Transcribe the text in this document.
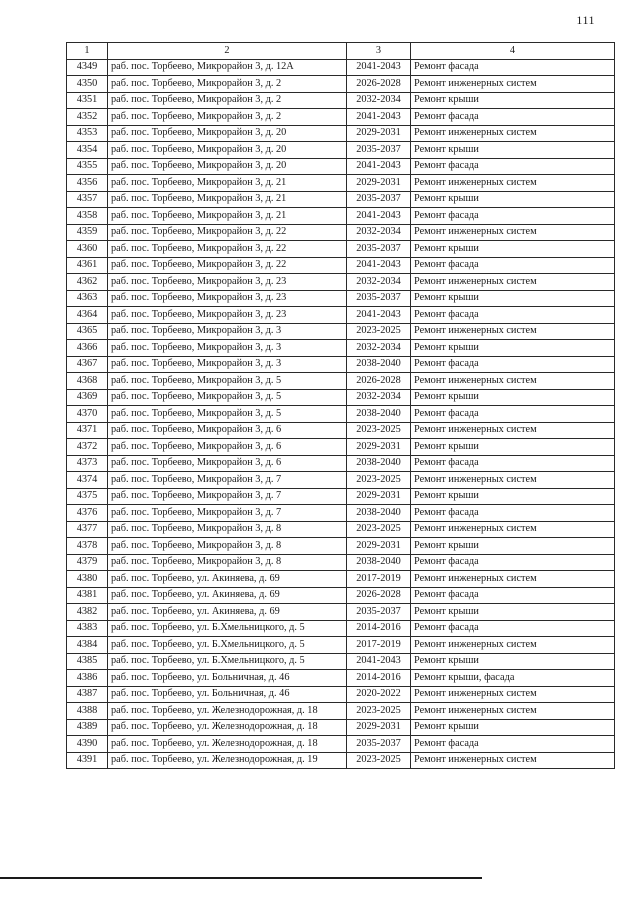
111
1	2	3	4
4349	раб. пос. Торбеево, Микрорайон 3, д. 12А	2041-2043	Ремонт фасада
4350	раб. пос. Торбеево, Микрорайон 3, д. 2	2026-2028	Ремонт инженерных систем
4351	раб. пос. Торбеево, Микрорайон 3, д. 2	2032-2034	Ремонт крыши
4352	раб. пос. Торбеево, Микрорайон 3, д. 2	2041-2043	Ремонт фасада
4353	раб. пос. Торбеево, Микрорайон 3, д. 20	2029-2031	Ремонт инженерных систем
4354	раб. пос. Торбеево, Микрорайон 3, д. 20	2035-2037	Ремонт крыши
4355	раб. пос. Торбеево, Микрорайон 3, д. 20	2041-2043	Ремонт фасада
4356	раб. пос. Торбеево, Микрорайон 3, д. 21	2029-2031	Ремонт инженерных систем
4357	раб. пос. Торбеево, Микрорайон 3, д. 21	2035-2037	Ремонт крыши
4358	раб. пос. Торбеево, Микрорайон 3, д. 21	2041-2043	Ремонт фасада
4359	раб. пос. Торбеево, Микрорайон 3, д. 22	2032-2034	Ремонт инженерных систем
4360	раб. пос. Торбеево, Микрорайон 3, д. 22	2035-2037	Ремонт крыши
4361	раб. пос. Торбеево, Микрорайон 3, д. 22	2041-2043	Ремонт фасада
4362	раб. пос. Торбеево, Микрорайон 3, д. 23	2032-2034	Ремонт инженерных систем
4363	раб. пос. Торбеево, Микрорайон 3, д. 23	2035-2037	Ремонт крыши
4364	раб. пос. Торбеево, Микрорайон 3, д. 23	2041-2043	Ремонт фасада
4365	раб. пос. Торбеево, Микрорайон 3, д. 3	2023-2025	Ремонт инженерных систем
4366	раб. пос. Торбеево, Микрорайон 3, д. 3	2032-2034	Ремонт крыши
4367	раб. пос. Торбеево, Микрорайон 3, д. 3	2038-2040	Ремонт фасада
4368	раб. пос. Торбеево, Микрорайон 3, д. 5	2026-2028	Ремонт инженерных систем
4369	раб. пос. Торбеево, Микрорайон 3, д. 5	2032-2034	Ремонт крыши
4370	раб. пос. Торбеево, Микрорайон 3, д. 5	2038-2040	Ремонт фасада
4371	раб. пос. Торбеево, Микрорайон 3, д. 6	2023-2025	Ремонт инженерных систем
4372	раб. пос. Торбеево, Микрорайон 3, д. 6	2029-2031	Ремонт крыши
4373	раб. пос. Торбеево, Микрорайон 3, д. 6	2038-2040	Ремонт фасада
4374	раб. пос. Торбеево, Микрорайон 3, д. 7	2023-2025	Ремонт инженерных систем
4375	раб. пос. Торбеево, Микрорайон 3, д. 7	2029-2031	Ремонт крыши
4376	раб. пос. Торбеево, Микрорайон 3, д. 7	2038-2040	Ремонт фасада
4377	раб. пос. Торбеево, Микрорайон 3, д. 8	2023-2025	Ремонт инженерных систем
4378	раб. пос. Торбеево, Микрорайон 3, д. 8	2029-2031	Ремонт крыши
4379	раб. пос. Торбеево, Микрорайон 3, д. 8	2038-2040	Ремонт фасада
4380	раб. пос. Торбеево, ул. Акиняева, д. 69	2017-2019	Ремонт инженерных систем
4381	раб. пос. Торбеево, ул. Акиняева, д. 69	2026-2028	Ремонт фасада
4382	раб. пос. Торбеево, ул. Акиняева, д. 69	2035-2037	Ремонт крыши
4383	раб. пос. Торбеево, ул. Б.Хмельницкого, д. 5	2014-2016	Ремонт фасада
4384	раб. пос. Торбеево, ул. Б.Хмельницкого, д. 5	2017-2019	Ремонт инженерных систем
4385	раб. пос. Торбеево, ул. Б.Хмельницкого, д. 5	2041-2043	Ремонт крыши
4386	раб. пос. Торбеево, ул. Больничная, д. 46	2014-2016	Ремонт крыши, фасада
4387	раб. пос. Торбеево, ул. Больничная, д. 46	2020-2022	Ремонт инженерных систем
4388	раб. пос. Торбеево, ул. Железнодорожная, д. 18	2023-2025	Ремонт инженерных систем
4389	раб. пос. Торбеево, ул. Железнодорожная, д. 18	2029-2031	Ремонт крыши
4390	раб. пос. Торбеево, ул. Железнодорожная, д. 18	2035-2037	Ремонт фасада
4391	раб. пос. Торбеево, ул. Железнодорожная, д. 19	2023-2025	Ремонт инженерных систем
